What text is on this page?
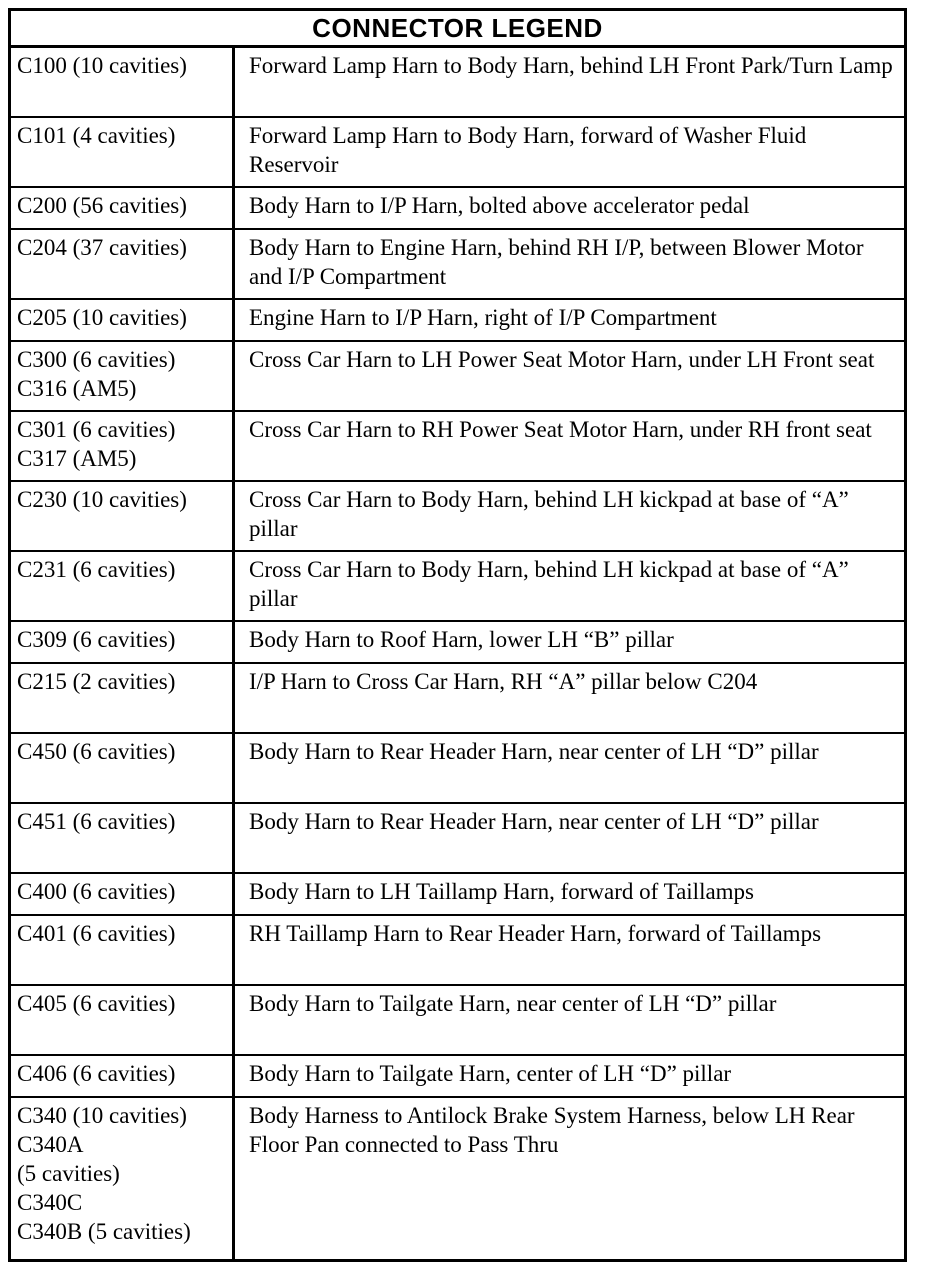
CONNECTOR LEGEND	

C100 (10 cavities)	Forward Lamp Harn to Body Harn, behind LH Front Park/Turn Lamp

C101 (4 cavities)	Forward Lamp Harn to Body Harn, forward of Washer Fluid Reservoir

C200 (56 cavities)	Body Harn to I/P Harn, bolted above accelerator pedal

C204 (37 cavities)	Body Harn to Engine Harn, behind RH I/P, between Blower Motor and I/P Compartment

C205 (10 cavities)	Engine Harn to I/P Harn, right of I/P Compartment

C300 (6 cavities)
C316 (AM5)	Cross Car Harn to LH Power Seat Motor Harn, under LH Front seat

C301 (6 cavities)
C317 (AM5)	Cross Car Harn to RH Power Seat Motor Harn, under RH front seat

C230 (10 cavities)	Cross Car Harn to Body Harn, behind LH kickpad at base of “A” pillar

C231 (6 cavities)	Cross Car Harn to Body Harn, behind LH kickpad at base of “A” pillar

C309 (6 cavities)	Body Harn to Roof Harn, lower LH “B” pillar

C215 (2 cavities)	I/P Harn to Cross Car Harn, RH “A” pillar below C204

C450 (6 cavities)	Body Harn to Rear Header Harn, near center of LH “D” pillar

C451 (6 cavities)	Body Harn to Rear Header Harn, near center of LH “D” pillar

C400 (6 cavities)	Body Harn to LH Taillamp Harn, forward of Taillamps

C401 (6 cavities)	RH Taillamp Harn to Rear Header Harn, forward of Taillamps

C405 (6 cavities)	Body Harn to Tailgate Harn, near center of LH “D” pillar

C406 (6 cavities)	Body Harn to Tailgate Harn, center of LH “D” pillar

C340 (10 cavities)
C340A
(5 cavities)
C340C
C340B (5 cavities)	Body Harness to Antilock Brake System Harness, below LH Rear Floor Pan connected to Pass Thru
